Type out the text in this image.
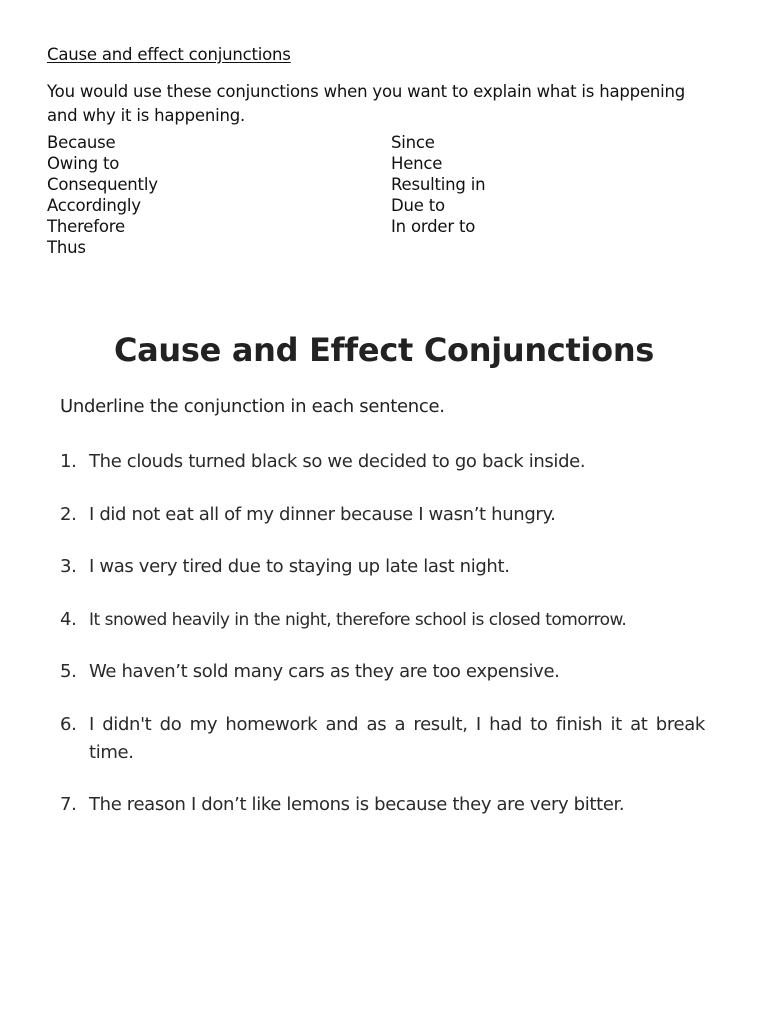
Cause and effect conjunctions
You would use these conjunctions when you want to explain what is happening and why it is happening.
Because
Owing to
Consequently
Accordingly
Therefore
Thus
Since
Hence
Resulting in
Due to
In order to
Cause and Effect Conjunctions
Underline the conjunction in each sentence.
1. The clouds turned black so we decided to go back inside.
2. I did not eat all of my dinner because I wasn’t hungry.
3. I was very tired due to staying up late last night.
4. It snowed heavily in the night, therefore school is closed tomorrow.
5. We haven’t sold many cars as they are too expensive.
6. I didn't do my homework and as a result, I had to finish it at break time.
7. The reason I don’t like lemons is because they are very bitter.
